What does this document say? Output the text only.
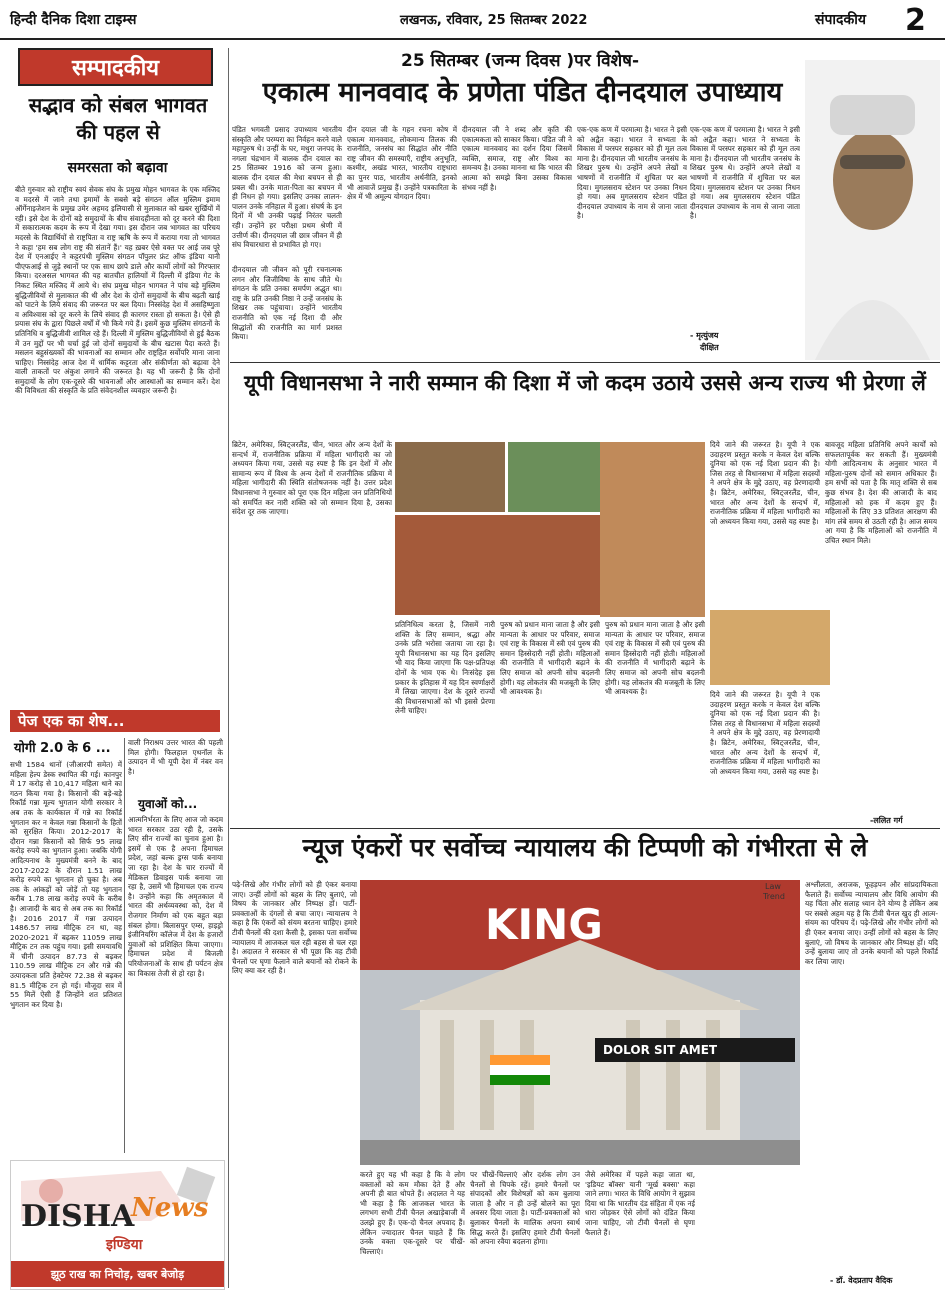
हिन्दी दैनिक दिशा टाइम्स	लखनऊ, रविवार, 25 सितम्बर 2022	संपादकीय 2
सम्पादकीय
सद्भाव को संबल भागवत की पहल से
समरसता को बढ़ावा
बीते गुरुवार को राष्ट्रीय स्वयं सेवक संघ के प्रमुख मोहन भागवत के एक मस्जिद व मदरसे में जाने तथा इमामों के सबसे बड़े संगठन ऑल मुस्लिम इमाम ऑर्गेनाइजेशन के प्रमुख उमेर अहमद इलियासी से मुलाकात को खबर सुर्खियों में रही। इसे देश के दोनों बड़े समुदायों के बीच संवादहीनता को दूर करने की दिशा में सकारात्मक कदम के रूप में देखा गया। इस दौरान जब भागवत का परिचय मदरसे के विद्यार्थियों से राष्ट्रपिता व राष्ट्र ऋषि के रूप में कराया गया तो भागवत ने कहा 'हम सब लोग राष्ट्र की संतानें हैं।' यह ख़बर ऐसे वक्त पर आई जब पूरे देश में एनआईए ने कट्टरपंथी मुस्लिम संगठन पॉपुलर फ्रंट ऑफ इंडिया यानी पीएफआई से जुड़े स्थानों पर एक साथ छापे डाले और कार्यो लोगों को गिरफ्तार किया। दरअसल भागवत की यह बातचीत हालियाों में दिल्ली में इंडिया गेट के निकट स्थित मस्जिद में आये थे। संघ प्रमुख मोहन भागवत ने पांच बड़े मुस्लिम बुद्धिजीवियों से मुलाकात की थी और देश के दोनों समुदायों के बीच बढ़ती खाई को पाटने के लिये संवाद की जरूरत पर बल दिया। निस्संदेह देश में असहिष्णुता व अविश्वास को दूर करने के लिये संवाद ही कारगर रास्ता हो सकता है। ऐसे ही प्रयास संघ के द्वारा पिछले वर्षों में भी किये गये हैं। इसमें कुछ मुस्लिम संगठनों के प्रतिनिधि व बुद्धिजीवी शामिल रहे हैं। दिल्ली में मुस्लिम बुद्धिजीवियों से हुई बैठक में उन मुद्दों पर भी चर्चा हुई जो दोनों समुदायों के बीच खटास पैदा करते हैं। मसलन बहुसंख्यकों की भावनाओं का सम्मान और राष्ट्रहित सर्वोपरि माना जाना चाहिए। निस्संदेह आज देश में धार्मिक कट्टरता और संकीर्णता को बढ़ावा देने वाली ताकतों पर अंकुश लगाने की जरूरत है। यह भी जरूरी है कि दोनों समुदायों के लोग एक-दूसरे की भावनाओं और आस्थाओं का सम्मान करें। देश की विविधता की संस्कृति के प्रति संवेदनशील व्यवहार जरूरी है।
पेज एक का शेष...
योगी 2.0 के 6 ...
सभी 1584 थानों (जीआरपी समेत) में महिला हेल्प डेस्क स्थापित की गई। कानपुर में 17 करोड़ से 10,417 महिला थाने का गठन किया गया है। किसानों की बड़े-बड़े रिकॉर्ड गन्ना मूल्य भुगतान योगी सरकार ने अब तक के कार्यकाल में गन्ने का रिकॉर्ड भुगतान कर न केवल गन्ना किसानों के हितों को सुरक्षित किया। 2012-2017 के दौरान गन्ना किसानों को सिर्फ 95 लाख करोड़ रुपये का भुगतान हुआ। जबकि योगी आदित्यनाथ के मुख्यमंत्री बनने के बाद 2017-2022 के दौरान 1.51 लाख करोड़ रुपये का भुगतान हो चुका है। अब तक के आंकड़ों को जोड़ें तो यह भुगतान करीब 1.78 लाख करोड़ रुपये के करीब है। आजादी के बाद से अब तक का रिकॉर्ड है। 2016 2017 में गन्ना उत्पादन 1486.57 लाख मीट्रिक टन था, वह 2020-2021 में बढ़कर 11059 लाख मीट्रिक टन तक पहुंच गया। इसी समयावधि में चीनी उत्पादन 87.73 से बढ़कर 110.59 लाख मीट्रिक टन और गन्ने की उत्पादकता प्रति हेक्टेयर 72.38 से बढ़कर 81.5 मीट्रिक टन हो गई। मौजूदा सत्र में 55 मिलें ऐसी हैं जिन्होंने शत प्रतिशत भुगतान कर दिया है।
वाली निराश्रय उत्तर भारत की पहली मिल होगी। फिलहाल एथनॉल के उत्पादन में भी यूपी देश में नंबर वन है।
युवाओं को...
आत्मनिर्भरता के लिए आज जो कदम भारत सरकार उठा रही है, उसके लिए सीन राज्यों का चुनाव हुआ है। इसमें से एक है अपना हिमाचल प्रदेश, जहां बल्क ड्रग्स पार्क बनाया जा रहा है। देश के चार राज्यों में मेडिकल डिवाइस पार्क बनाया जा रहा है, उसमें भी हिमाचल एक राज्य है। उन्होंने कहा कि अमृतकाल में भारत की अर्थव्यवस्था को, देश में रोजगार निर्माण को एक बहुत बड़ा संबल होगा। बिलासपुर एम्स, हाइड्रो इंजीनियरिंग कॉलेज में देश के हजारों युवाओं को प्रशिक्षित किया जाएगा। हिमाचल प्रदेश में बिजली परियोजनाओं के साथ ही पर्यटन क्षेत्र का विकास तेजी से हो रहा है।
DISHA
News
इण्डिया
झूठ राख का निचोड़, खबर बेजोड़
25 सितम्बर (जन्म दिवस )पर विशेष-
एकात्म मानववाद के प्रणेता पंडित दीनदयाल उपाध्याय
पंडित भगवती प्रसाद उपाध्याय भारतीय संस्कृति और परम्परा का निर्वहन करने वाले महापुरुष थे। उन्हीं के घर, मथुरा जनपद के नगला चंद्रभान में बालक दीन दयाल का 25 सितम्बर 1916 को जन्म हुआ। बालक दीन दयाल की मेधा बचपन से ही प्रबल थी। उनके माता-पिता का बचपन में ही निधन हो गया। इसलिए उनका लालन-पालन उनके ननिहाल में हुआ। संघर्ष के इन दिनों में भी उनकी पढ़ाई निरंतर चलती रही। उन्होंने हर परीक्षा प्रथम श्रेणी में उत्तीर्ण की। दीनदयाल जी छात्र जीवन में ही संघ विचारधारा से प्रभावित हो गए।
दीनदयाल जी जीवन को पूरी रचनात्मक लगन और जिजीविषा के साथ जीते थे। संगठन के प्रति उनका समर्पण अद्भुत था। राष्ट्र के प्रति उनकी निष्ठा ने उन्हें जनसंघ के शिखर तक पहुंचाया। उन्होंने भारतीय राजनीति को एक नई दिशा दी और सिद्धांतों की राजनीति का मार्ग प्रशस्त किया।
दीन दयाल जी के गहन रचना कोष में एकात्म मानववाद, लोकमान्य तिलक की राजनीति, जनसंघ का सिद्धांत और नीति राष्ट्र जीवन की समस्याएँ, राष्ट्रीय अनुभूति, कश्मीर, अखंड भारत, भारतीय राष्ट्रधारा का पुनर पाठ, भारतीय अर्थनीति, इनको भी आवाजें प्रमुख हैं। उन्होंने पत्रकारिता के क्षेत्र में भी अमूल्य योगदान दिया।
दीनदयाल जी ने शब्द और कृति की एकात्मकता को साकार किया। पंडित जी ने एकात्म मानववाद का दर्शन दिया जिसमें व्यक्ति, समाज, राष्ट्र और विश्व का समन्वय है। उनका मानना था कि भारत की आत्मा को समझे बिना उसका विकास संभव नहीं है।
एक-एक कण में परमात्मा है। भारत ने इसी को अद्वैत कहा। भारत ने सभ्यता के विकास में परस्पर सहकार को ही मूल तत्व माना है। दीनदयाल जी भारतीय जनसंघ के शिखर पुरुष थे। उन्होंने अपने लेखों व भाषणों में राजनीति में शुचिता पर बल दिया। मुगलसराय स्टेशन पर उनका निधन हो गया। अब मुगलसराय स्टेशन पंडित दीनदयाल उपाध्याय के नाम से जाना जाता है।
एक-एक कण में परमात्मा है। भारत ने इसी को अद्वैत कहा। भारत ने सभ्यता के विकास में परस्पर सहकार को ही मूल तत्व माना है। दीनदयाल जी भारतीय जनसंघ के शिखर पुरुष थे। उन्होंने अपने लेखों व भाषणों में राजनीति में शुचिता पर बल दिया। मुगलसराय स्टेशन पर उनका निधन हो गया। अब मुगलसराय स्टेशन पंडित दीनदयाल उपाध्याय के नाम से जाना जाता है।
- मृत्युंजय
दीक्षित
यूपी विधानसभा ने नारी सम्मान की दिशा में जो कदम उठाये उससे अन्य राज्य भी प्रेरणा लें
ब्रिटेन, अमेरिका, स्विट्जरलैंड, चीन, भारत और अन्य देशों के सन्दर्भ में, राजनीतिक प्रक्रिया में महिला भागीदारी का जो अध्ययन किया गया, उससे यह स्पष्ट है कि इन देशों में और सामान्य रूप में विश्व के अन्य देशों में राजनीतिक प्रक्रिया में महिला भागीदारी की स्थिति संतोषजनक नहीं है। उत्तर प्रदेश विधानसभा ने गुरुवार को पूरा एक दिन महिला जन प्रतिनिधियों को समर्पित कर नारी शक्ति को जो सम्मान दिया है, उसका संदेश दूर तक जाएगा।
प्रतिनिधित्व करता है, जिसमें नारी शक्ति के लिए सम्मान, श्रद्धा और उनके प्रति भरोसा जताया जा रहा है। यूपी विधानसभा का यह दिन इसलिए भी याद किया जाएगा कि पक्ष-प्रतिपक्ष दोनों के भाव एक थे। निःसंदेह इस प्रकार के इतिहास में यह दिन स्वर्णाक्षरों में लिखा जाएगा। देश के दूसरे राज्यों की विधानसभाओं को भी इससे प्रेरणा लेनी चाहिए।
पुरुष को प्रधान माना जाता है और इसी मान्यता के आधार पर परिवार, समाज एवं राष्ट्र के विकास में स्त्री एवं पुरुष की समान हिस्सेदारी नहीं होती। महिलाओं की राजनीति में भागीदारी बढ़ाने के लिए समाज को अपनी सोच बदलनी होगी। यह लोकतंत्र की मजबूती के लिए भी आवश्यक है।
पुरुष को प्रधान माना जाता है और इसी मान्यता के आधार पर परिवार, समाज एवं राष्ट्र के विकास में स्त्री एवं पुरुष की समान हिस्सेदारी नहीं होती। महिलाओं की राजनीति में भागीदारी बढ़ाने के लिए समाज को अपनी सोच बदलनी होगी। यह लोकतंत्र की मजबूती के लिए भी आवश्यक है।
दिये जाने की जरूरत है। यूपी ने एक उदाहरण प्रस्तुत करके न केवल देश बल्कि दुनिया को एक नई दिशा प्रदान की है। जिस तरह से विधानसभा में महिला सदस्यों ने अपने क्षेत्र के मुद्दे उठाए, वह प्रेरणादायी है। ब्रिटेन, अमेरिका, स्विट्जरलैंड, चीन, भारत और अन्य देशों के सन्दर्भ में, राजनीतिक प्रक्रिया में महिला भागीदारी का जो अध्ययन किया गया, उससे यह स्पष्ट है।
दिये जाने की जरूरत है। यूपी ने एक उदाहरण प्रस्तुत करके न केवल देश बल्कि दुनिया को एक नई दिशा प्रदान की है। जिस तरह से विधानसभा में महिला सदस्यों ने अपने क्षेत्र के मुद्दे उठाए, वह प्रेरणादायी है। ब्रिटेन, अमेरिका, स्विट्जरलैंड, चीन, भारत और अन्य देशों के सन्दर्भ में, राजनीतिक प्रक्रिया में महिला भागीदारी का जो अध्ययन किया गया, उससे यह स्पष्ट है।
बावजूद महिला प्रतिनिधि अपने कार्यों को सफलतापूर्वक कर सकती हैं। मुख्यमंत्री योगी आदित्यनाथ के अनुसार भारत में महिला-पुरुष दोनों को समान अधिकार हैं। हम सभी को पता है कि मातृ शक्ति से सब कुछ संभव है। देश की आजादी के बाद महिलाओं को हक में कदम हुए हैं। महिलाओं के लिए 33 प्रतिशत आरक्षण की मांग लंबे समय से उठती रही है। आज समय आ गया है कि महिलाओं को राजनीति में उचित स्थान मिले।
-ललित गर्ग
न्यूज एंकरों पर सर्वोच्च न्यायालय की टिप्पणी को गंभीरता से ले
पढ़े-लिखे और गंभीर लोगों को ही एंकर बनाया जाए। उन्हीं लोगों को बहस के लिए बुलाएं, जो विषय के जानकार और निष्पक्ष हों। पार्टी-प्रवक्ताओं के दंगलों से बचा जाए। न्यायालय ने कहा है कि एंकरों को संयम बरतना चाहिए। हमारे टीवी चैनलों की दशा कैसी है, इसका पता सर्वोच्च न्यायालय में आजकल चल रही बहस से चल रहा है। अदालत ने सरकार से भी पूछा कि वह टीवी चैनलों पर घृणा फैलाने वाले बयानों को रोकने के लिए क्या कर रही है।
KING
DOLOR SIT AMET
Law
Trend
करते हुए यह भी कहा है कि वे लोग वक्ताओं को कम मौका देते हैं और अपनी ही बात थोपते हैं। अदालत ने यह भी कहा है कि आजकल भारत के लगभग सभी टीवी चैनल अखाड़ेबाजी में उलझे हुए हैं। एक-दो चैनल अपवाद हैं। लेकिन ज्यादातर चैनल चाहते हैं कि उनके वक्ता एक-दूसरे पर चीखें-चिल्लाएं।
पर चीखें-चिल्लाएं और दर्शक लोग उन चैनलों से चिपके रहें। हमारे चैनलों पर संपादकों और विशेषज्ञों को कम बुलाया जाता है और न ही उन्हें बोलने का पूरा अवसर दिया जाता है। पार्टी-प्रवक्ताओं को बुलाकर चैनलों के मालिक अपना स्वार्थ सिद्ध करते हैं। इसलिए हमारे टीवी चैनलों को अपना रवैया बदलना होगा।
जैसे अमेरिका में पहले कहा जाता था, 'इडियट बॉक्स' यानी 'मूर्ख बक्सा' कहा जाने लगा। भारत के विधि आयोग ने सुझाव दिया था कि भारतीय दंड संहिता में एक नई धारा जोड़कर ऐसे लोगों को दंडित किया जाना चाहिए, जो टीवी चैनलों से घृणा फैलाते हैं।
अश्लीलता, अराजक, फूहड़पन और सांप्रदायिकता फैलाते हैं। सर्वोच्च न्यायालय और विधि आयोग की यह चिंता और सलाह ध्यान देने योग्य है लेकिन अब पर सबसे अहम यह है कि टीवी चैनल खुद ही आत्म-संयम का परिचय दें। पढ़े-लिखे और गंभीर लोगों को ही एंकर बनाया जाए। उन्हीं लोगों को बहस के लिए बुलाएं, जो विषय के जानकार और निष्पक्ष हों। यदि उन्हें बुलाया जाए तो उनके बयानों को पहले रिकॉर्ड कर लिया जाए।
- डॉ. वेदप्रताप वैदिक
